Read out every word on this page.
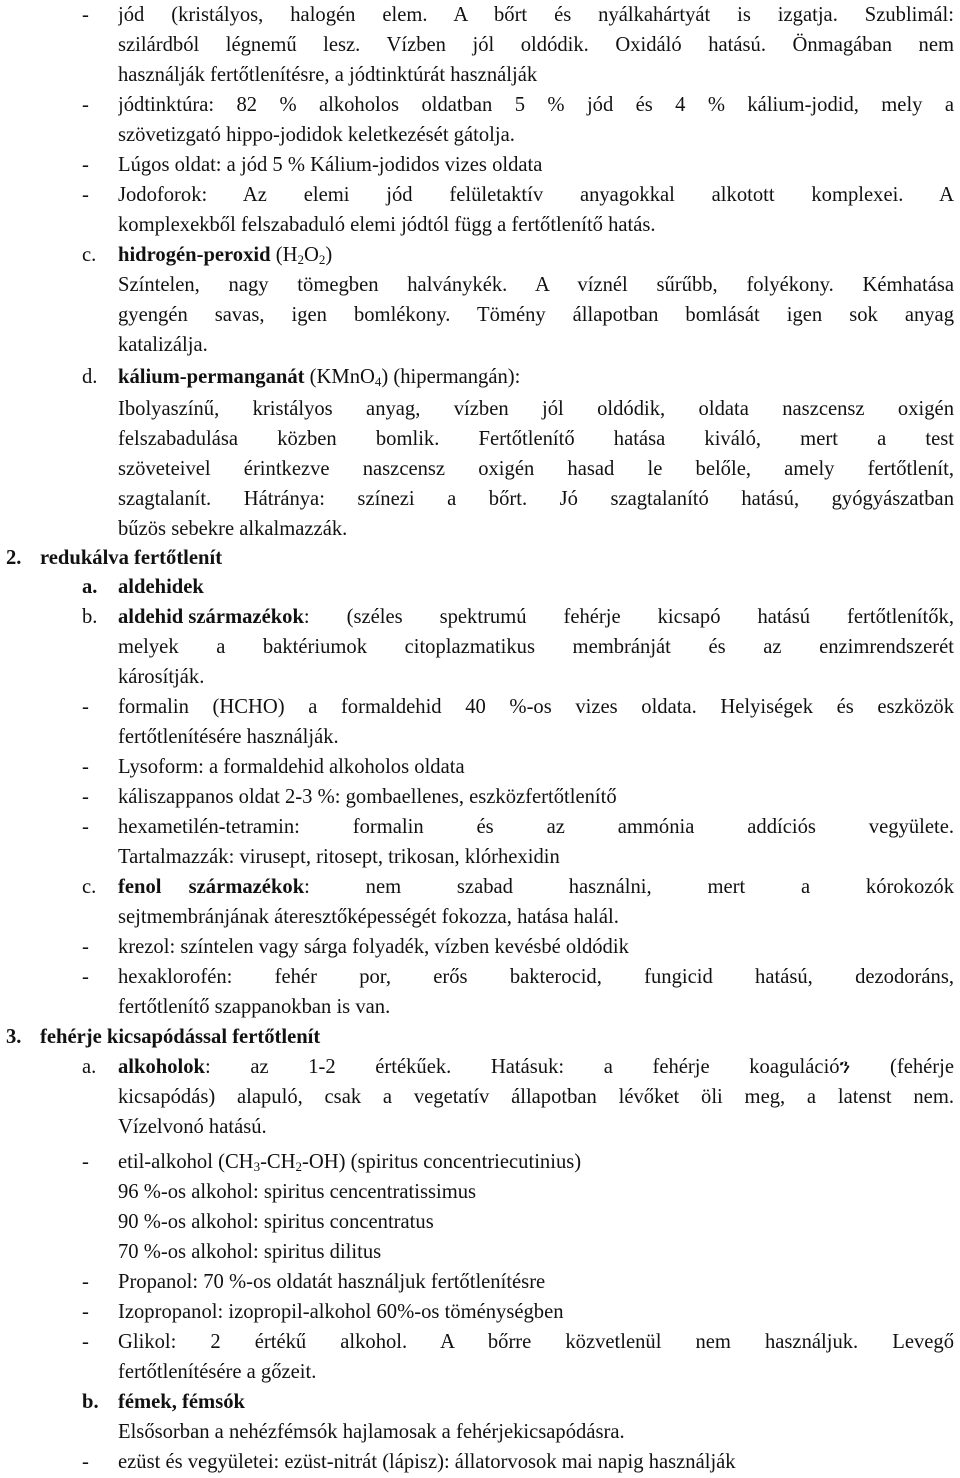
- jód (kristályos, halogén elem. A bőrt és nyálkahártyát is izgatja. Szublimál:
szilárdból légnemű lesz. Vízben jól oldódik. Oxidáló hatású. Önmagában nem
használják fertőtlenítésre, a jódtinktúrát használják
- jódtinktúra: 82 % alkoholos oldatban 5 % jód és 4 % kálium-jodid, mely a
szövetizgató hippo-jodidok keletkezését gátolja.
- Lúgos oldat: a jód 5 % Kálium-jodidos vizes oldata
- Jodoforok: Az elemi jód felületaktív anyagokkal alkotott komplexei. A
komplexekből felszabaduló elemi jódtól függ a fertőtlenítő hatás.
c. hidrogén-peroxid $(H_2O_2)$
Színtelen, nagy tömegben halványkék. A víznél sűrűbb, folyékony. Kémhatása
gyengén savas, igen bomlékony. Tömény állapotban bomlását igen sok anyag
katalizálja.
d. kálium-permanganát (KMnO$_4$) (hipermangán):
Ibolyaszínű, kristályos anyag, vízben jól oldódik, oldata naszcensz oxigén
felszabadulása közben bomlik. Fertőtlenítő hatása kiváló, mert a test
szöveteivel érintkezve naszcensz oxigén hasad le belőle, amely fertőtlenít,
szagtalanít. Hátránya: színezi a bőrt. Jó szagtalanító hatású, gyógyászatban
bűzös sebekre alkalmazzák.
2. redukálva fertőtlenít
a. aldehidek
b. aldehid származékok : (széles spektrumú fehérje kicsapó hatású fertőtlenítők,
melyek a baktériumok citoplazmatikus membránját és az enzimrendszerét
károsítják.
- formalin (HCHO) a formaldehid 40 %-os vizes oldata. Helyiségek és eszközök
fertőtlenítésére használják.
- Lysoform: a formaldehid alkoholos oldata
- káliszappanos oldat 2-3 %: gombaellenes, eszközfertőtlenítő
- hexametilén-tetramin: formalin és az ammónia addíciós vegyülete.
Tartalmazzák: virusept, ritosept, trikosan, klórhexidin
c. fenol származékok : nem szabad használni, mert a kórokozók
sejtmembránjának áteresztőképességét fokozza, hatása halál.
- krezol: színtelen vagy sárga folyadék, vízben kevésbé oldódik
- hexaklorofén: fehér por, erős bakterocid, fungicid hatású, dezodoráns,
fertőtlenítő szappanokban is van.
3. fehérje kicsapódással fertőtlenít
a. alkoholok : az 1-2 értékűek. Hatásuk: a fehérje koagulációን (fehérje
kicsapódás) alapuló, csak a vegetatív állapotban lévőket öli meg, a latenst nem.
Vízelvonó hatású.
- etil-alkohol $(CH_3-CH_2-OH)$ (spiritus concentriecutinius)
96 %-os alkohol: spiritus cencentratissimus
90 %-os alkohol: spiritus concentratus
70 %-os alkohol: spiritus dilitus
- Propanol: 70 %-os oldatát használjuk fertőtlenítésre
- Izopropanol: izopropil-alkohol 60%-os töménységben
- Glikol: 2 értékű alkohol. A bőrre közvetlenül nem használjuk. Levegő
fertőtlenítésére a gőzeit.
b. fémek, fémsók
Elsősorban a nehézfémsók hajlamosak a fehérjekicsapódásra.
- ezüst és vegyületei: ezüst-nitrát (lápisz): állatorvosok mai napig használják
